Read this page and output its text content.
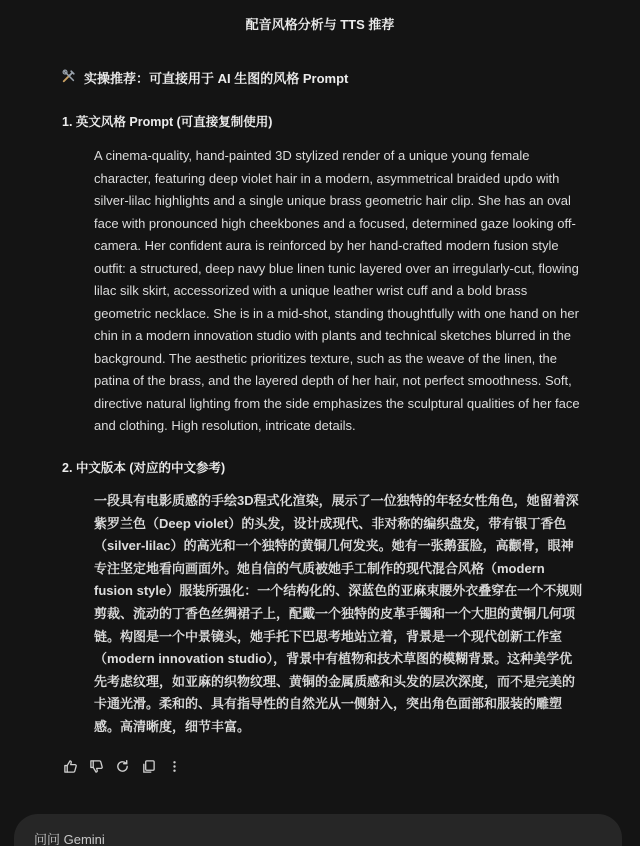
配音风格分析与 TTS 推荐
实操推荐：可直接用于 AI 生图的风格 Prompt
1. 英文风格 Prompt (可直接复制使用)
A cinema-quality, hand-painted 3D stylized render of a unique young female character, featuring deep violet hair in a modern, asymmetrical braided updo with silver-lilac highlights and a single unique brass geometric hair clip. She has an oval face with pronounced high cheekbones and a focused, determined gaze looking off-camera. Her confident aura is reinforced by her hand-crafted modern fusion style outfit: a structured, deep navy blue linen tunic layered over an irregularly-cut, flowing lilac silk skirt, accessorized with a unique leather wrist cuff and a bold brass geometric necklace. She is in a mid-shot, standing thoughtfully with one hand on her chin in a modern innovation studio with plants and technical sketches blurred in the background. The aesthetic prioritizes texture, such as the weave of the linen, the patina of the brass, and the layered depth of her hair, not perfect smoothness. Soft, directive natural lighting from the side emphasizes the sculptural qualities of her face and clothing. High resolution, intricate details.
2. 中文版本 (对应的中文参考)
一段具有电影质感的手绘3D程式化渲染，展示了一位独特的年轻女性角色，她留着深紫罗兰色（Deep violet）的头发，设计成现代、非对称的编织盘发，带有银丁香色（silver-lilac）的高光和一个独特的黄铜几何发夹。她有一张鹅蛋脸，高颧骨，眼神专注坚定地看向画面外。她自信的气质被她手工制作的现代混合风格（modern fusion style）服装所强化：一个结构化的、深蓝色的亚麻束腰外衣叠穿在一个不规则剪裁、流动的丁香色丝绸裙子上，配戴一个独特的皮革手镯和一个大胆的黄铜几何项链。构图是一个中景镜头，她手托下巴思考地站立着，背景是一个现代创新工作室（modern innovation studio），背景中有植物和技术草图的模糊背景。这种美学优先考虑纹理，如亚麻的织物纹理、黄铜的金属质感和头发的层次深度，而不是完美的卡通光滑。柔和的、具有指导性的自然光从一侧射入，突出角色面部和服装的雕塑感。高清晰度，细节丰富。
问问 Gemini
